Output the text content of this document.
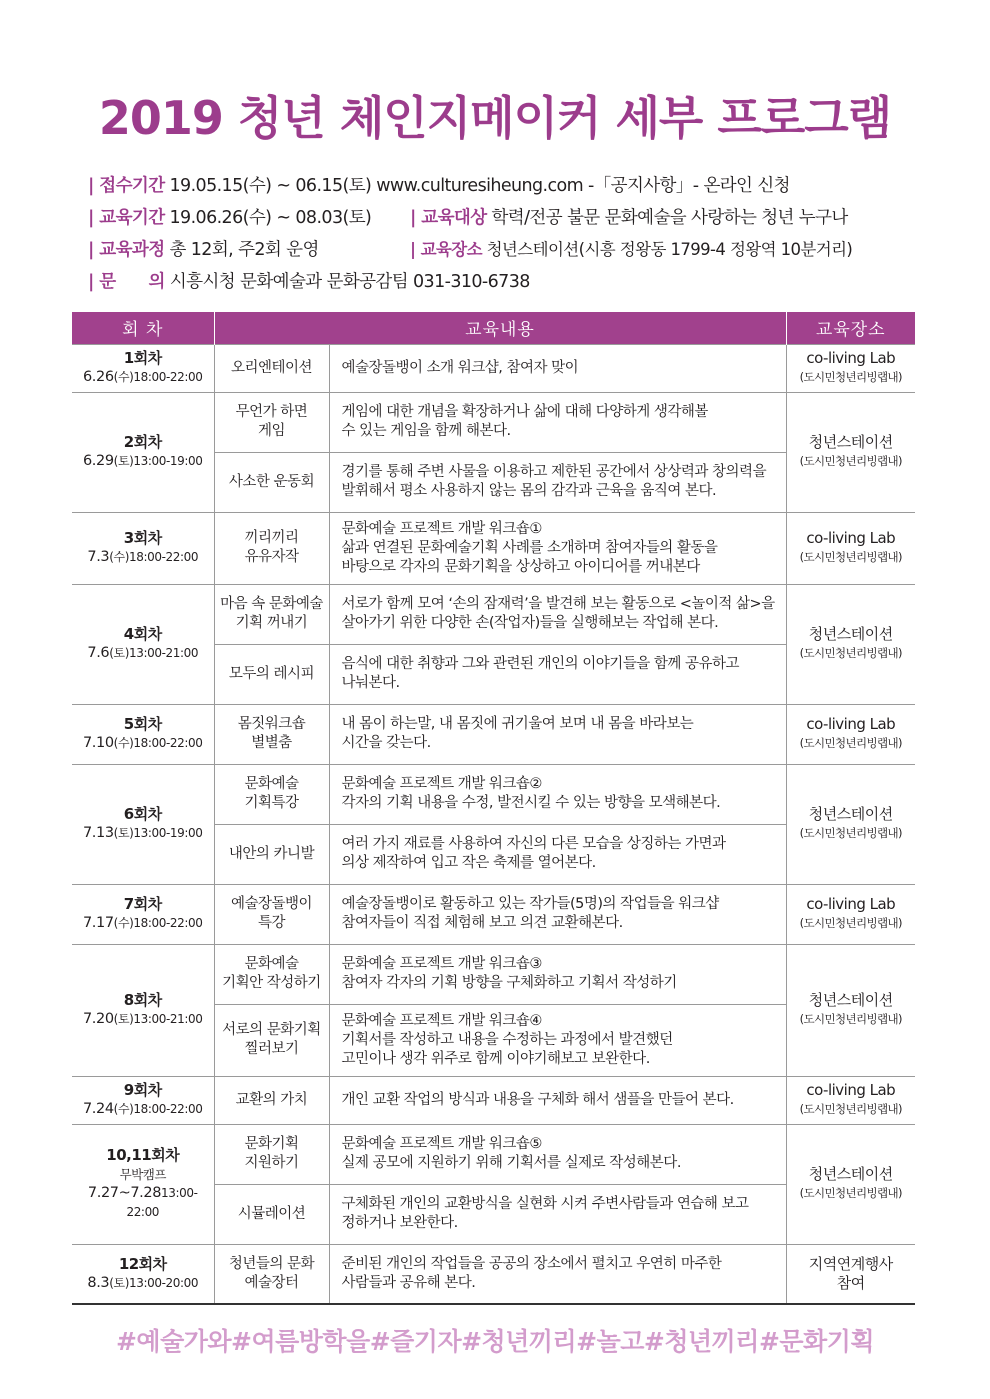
2019 청년 체인지메이커 세부 프로그램
| 접수기간 19.05.15(수) ~ 06.15(토) www.culturesiheung.com -「공지사항」- 온라인 신청
| 교육기간 19.06.26(수) ~ 08.03(토)	| 교육대상 학력/전공 불문 문화예술을 사랑하는 청년 누구나
| 교육과정 총 12회, 주2회 운영	| 교육장소 청년스테이션(시흥 정왕동 1799-4 정왕역 10분거리)
| 문      의 시흥시청 문화예술과 문화공감팀 031-310-6738
회 차	교육내용		교육장소

1회차
6.26(수)18:00-22:00	오리엔테이션	예술장돌뱅이 소개 워크샵, 참여자 맞이	co-living Lab
(도시민청년리빙랩내)

2회차
6.29(토)13:00-19:00	무언가 하면
게임	게임에 대한 개념을 확장하거나 삶에 대해 다양하게 생각해볼
수 있는 게임을 함께 해본다.	청년스테이션
(도시민청년리빙랩내)

	사소한 운동회	경기를 통해 주변 사물을 이용하고 제한된 공간에서 상상력과 창의력을
발휘해서 평소 사용하지 않는 몸의 감각과 근육을 움직여 본다.	

3회차
7.3(수)18:00-22:00	끼리끼리
유유자작	문화예술 프로젝트 개발 워크숍①
삶과 연결된 문화예술기획 사례를 소개하며 참여자들의 활동을
바탕으로 각자의 문화기획을 상상하고 아이디어를 꺼내본다	co-living Lab
(도시민청년리빙랩내)

4회차
7.6(토)13:00-21:00	마음 속 문화예술
기획 꺼내기	서로가 함께 모여 ‘손의 잠재력’을 발견해 보는 활동으로 <놀이적 삶>을
살아가기 위한 다양한 손(작업자)들을 실행해보는 작업해 본다.	청년스테이션
(도시민청년리빙랩내)

	모두의 레시피	음식에 대한 취향과 그와 관련된 개인의 이야기들을 함께 공유하고
나눠본다.	

5회차
7.10(수)18:00-22:00	몸짓워크숍
별별춤	내 몸이 하는말, 내 몸짓에 귀기울여 보며 내 몸을 바라보는
시간을 갖는다.	co-living Lab
(도시민청년리빙랩내)

6회차
7.13(토)13:00-19:00	문화예술
기획특강	문화예술 프로젝트 개발 워크숍②
각자의 기획 내용을 수정, 발전시킬 수 있는 방향을 모색해본다.	청년스테이션
(도시민청년리빙랩내)

	내안의 카니발	여러 가지 재료를 사용하여 자신의 다른 모습을 상징하는 가면과
의상 제작하여 입고 작은 축제를 열어본다.	

7회차
7.17(수)18:00-22:00	예술장돌뱅이
특강	예술장돌뱅이로 활동하고 있는 작가들(5명)의 작업들을 워크샵
참여자들이 직접 체험해 보고 의견 교환해본다.	co-living Lab
(도시민청년리빙랩내)

8회차
7.20(토)13:00-21:00	문화예술
기획안 작성하기	문화예술 프로젝트 개발 워크숍③
참여자 각자의 기획 방향을 구체화하고 기획서 작성하기	청년스테이션
(도시민청년리빙랩내)

	서로의 문화기획
찔러보기	문화예술 프로젝트 개발 워크숍④
기획서를 작성하고 내용을 수정하는 과정에서 발견했던
고민이나 생각 위주로 함께 이야기해보고 보완한다.	

9회차
7.24(수)18:00-22:00	교환의 가치	개인 교환 작업의 방식과 내용을 구체화 해서 샘플을 만들어 본다.	co-living Lab
(도시민청년리빙랩내)

10,11회차
무박캠프
7.27~7.2813:00-22:00	문화기획
지원하기	문화예술 프로젝트 개발 워크숍⑤
실제 공모에 지원하기 위해 기획서를 실제로 작성해본다.	청년스테이션
(도시민청년리빙랩내)

	시뮬레이션	구체화된 개인의 교환방식을 실현화 시켜 주변사람들과 연습해 보고
정하거나 보완한다.	

12회차
8.3(토)13:00-20:00	청년들의 문화
예술장터	준비된 개인의 작업들을 공공의 장소에서 펼치고 우연히 마주한
사람들과 공유해 본다.	지역연계행사
참여
#예술가와#여름방학을#즐기자#청년끼리#놀고#청년끼리#문화기획
